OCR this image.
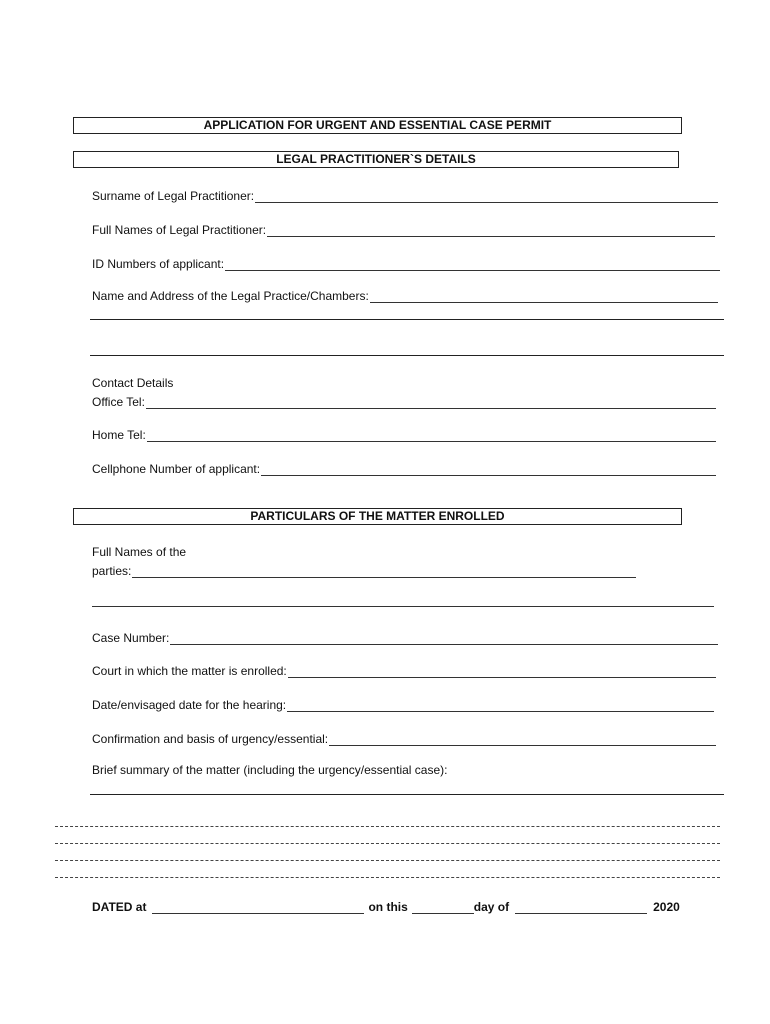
APPLICATION FOR URGENT AND ESSENTIAL CASE PERMIT
LEGAL PRACTITIONER`S DETAILS
Surname of Legal Practitioner:
Full Names of Legal Practitioner:
ID Numbers of applicant:
Name and Address of the Legal Practice/Chambers:
Contact Details
Office Tel:
Home Tel:
Cellphone Number of applicant:
PARTICULARS OF THE MATTER ENROLLED
Full Names of the
parties:
Case Number:
Court in which the matter is enrolled:
Date/envisaged date for the hearing:
Confirmation and basis of urgency/essential:
Brief summary of the matter (including the urgency/essential case):
DATED at	on this	day of	2020
